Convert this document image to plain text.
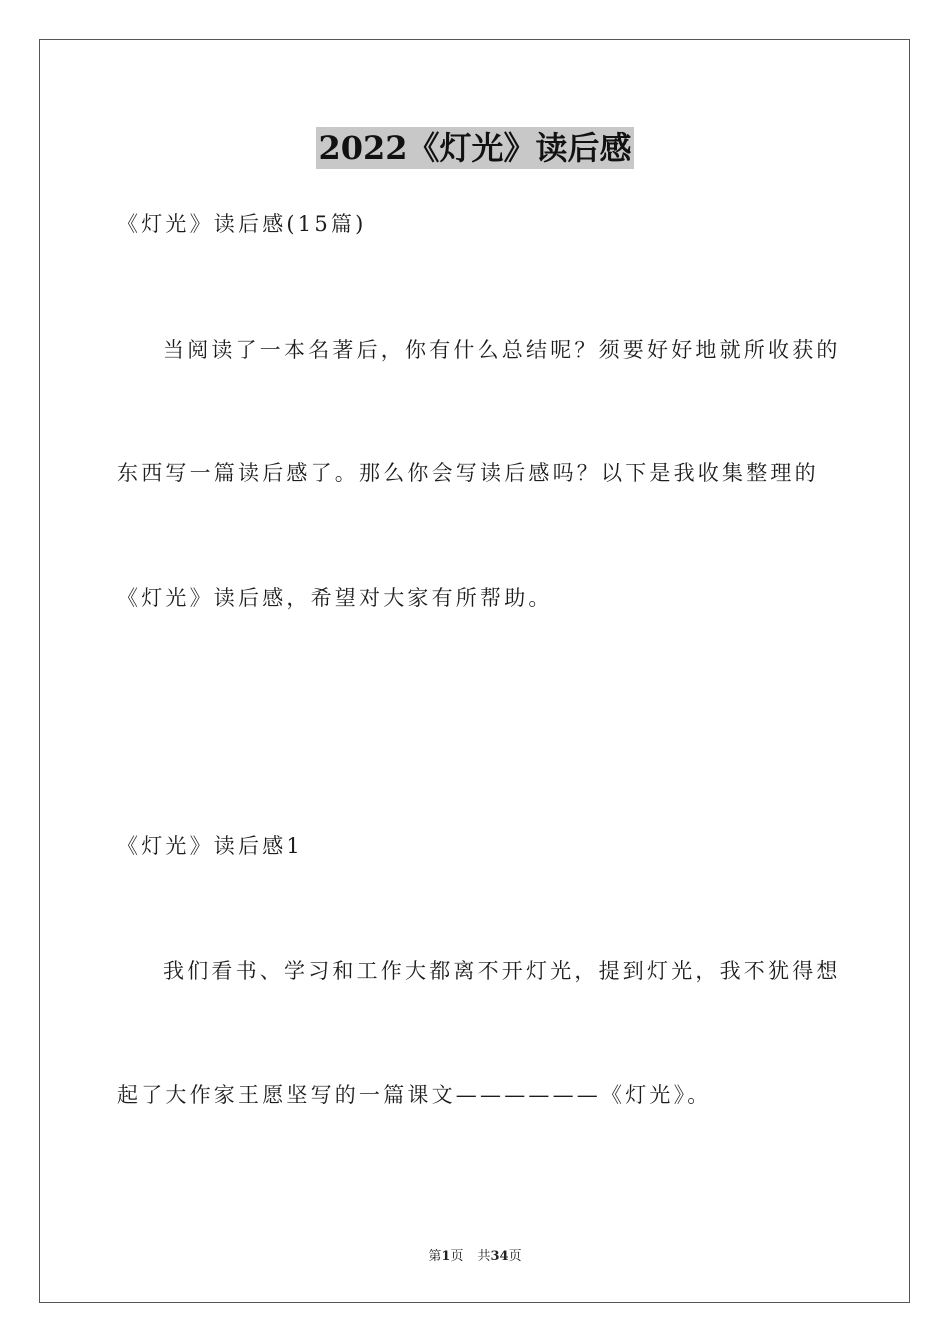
2022《灯光》读后感
《灯光》读后感(15篇)
当阅读了一本名著后，你有什么总结呢？须要好好地就所收获的
东西写一篇读后感了。那么你会写读后感吗？以下是我收集整理的
《灯光》读后感，希望对大家有所帮助。
《灯光》读后感1
我们看书、学习和工作大都离不开灯光，提到灯光，我不犹得想
起了大作家王愿坚写的一篇课文——————《灯光》。
第1页 共34页
